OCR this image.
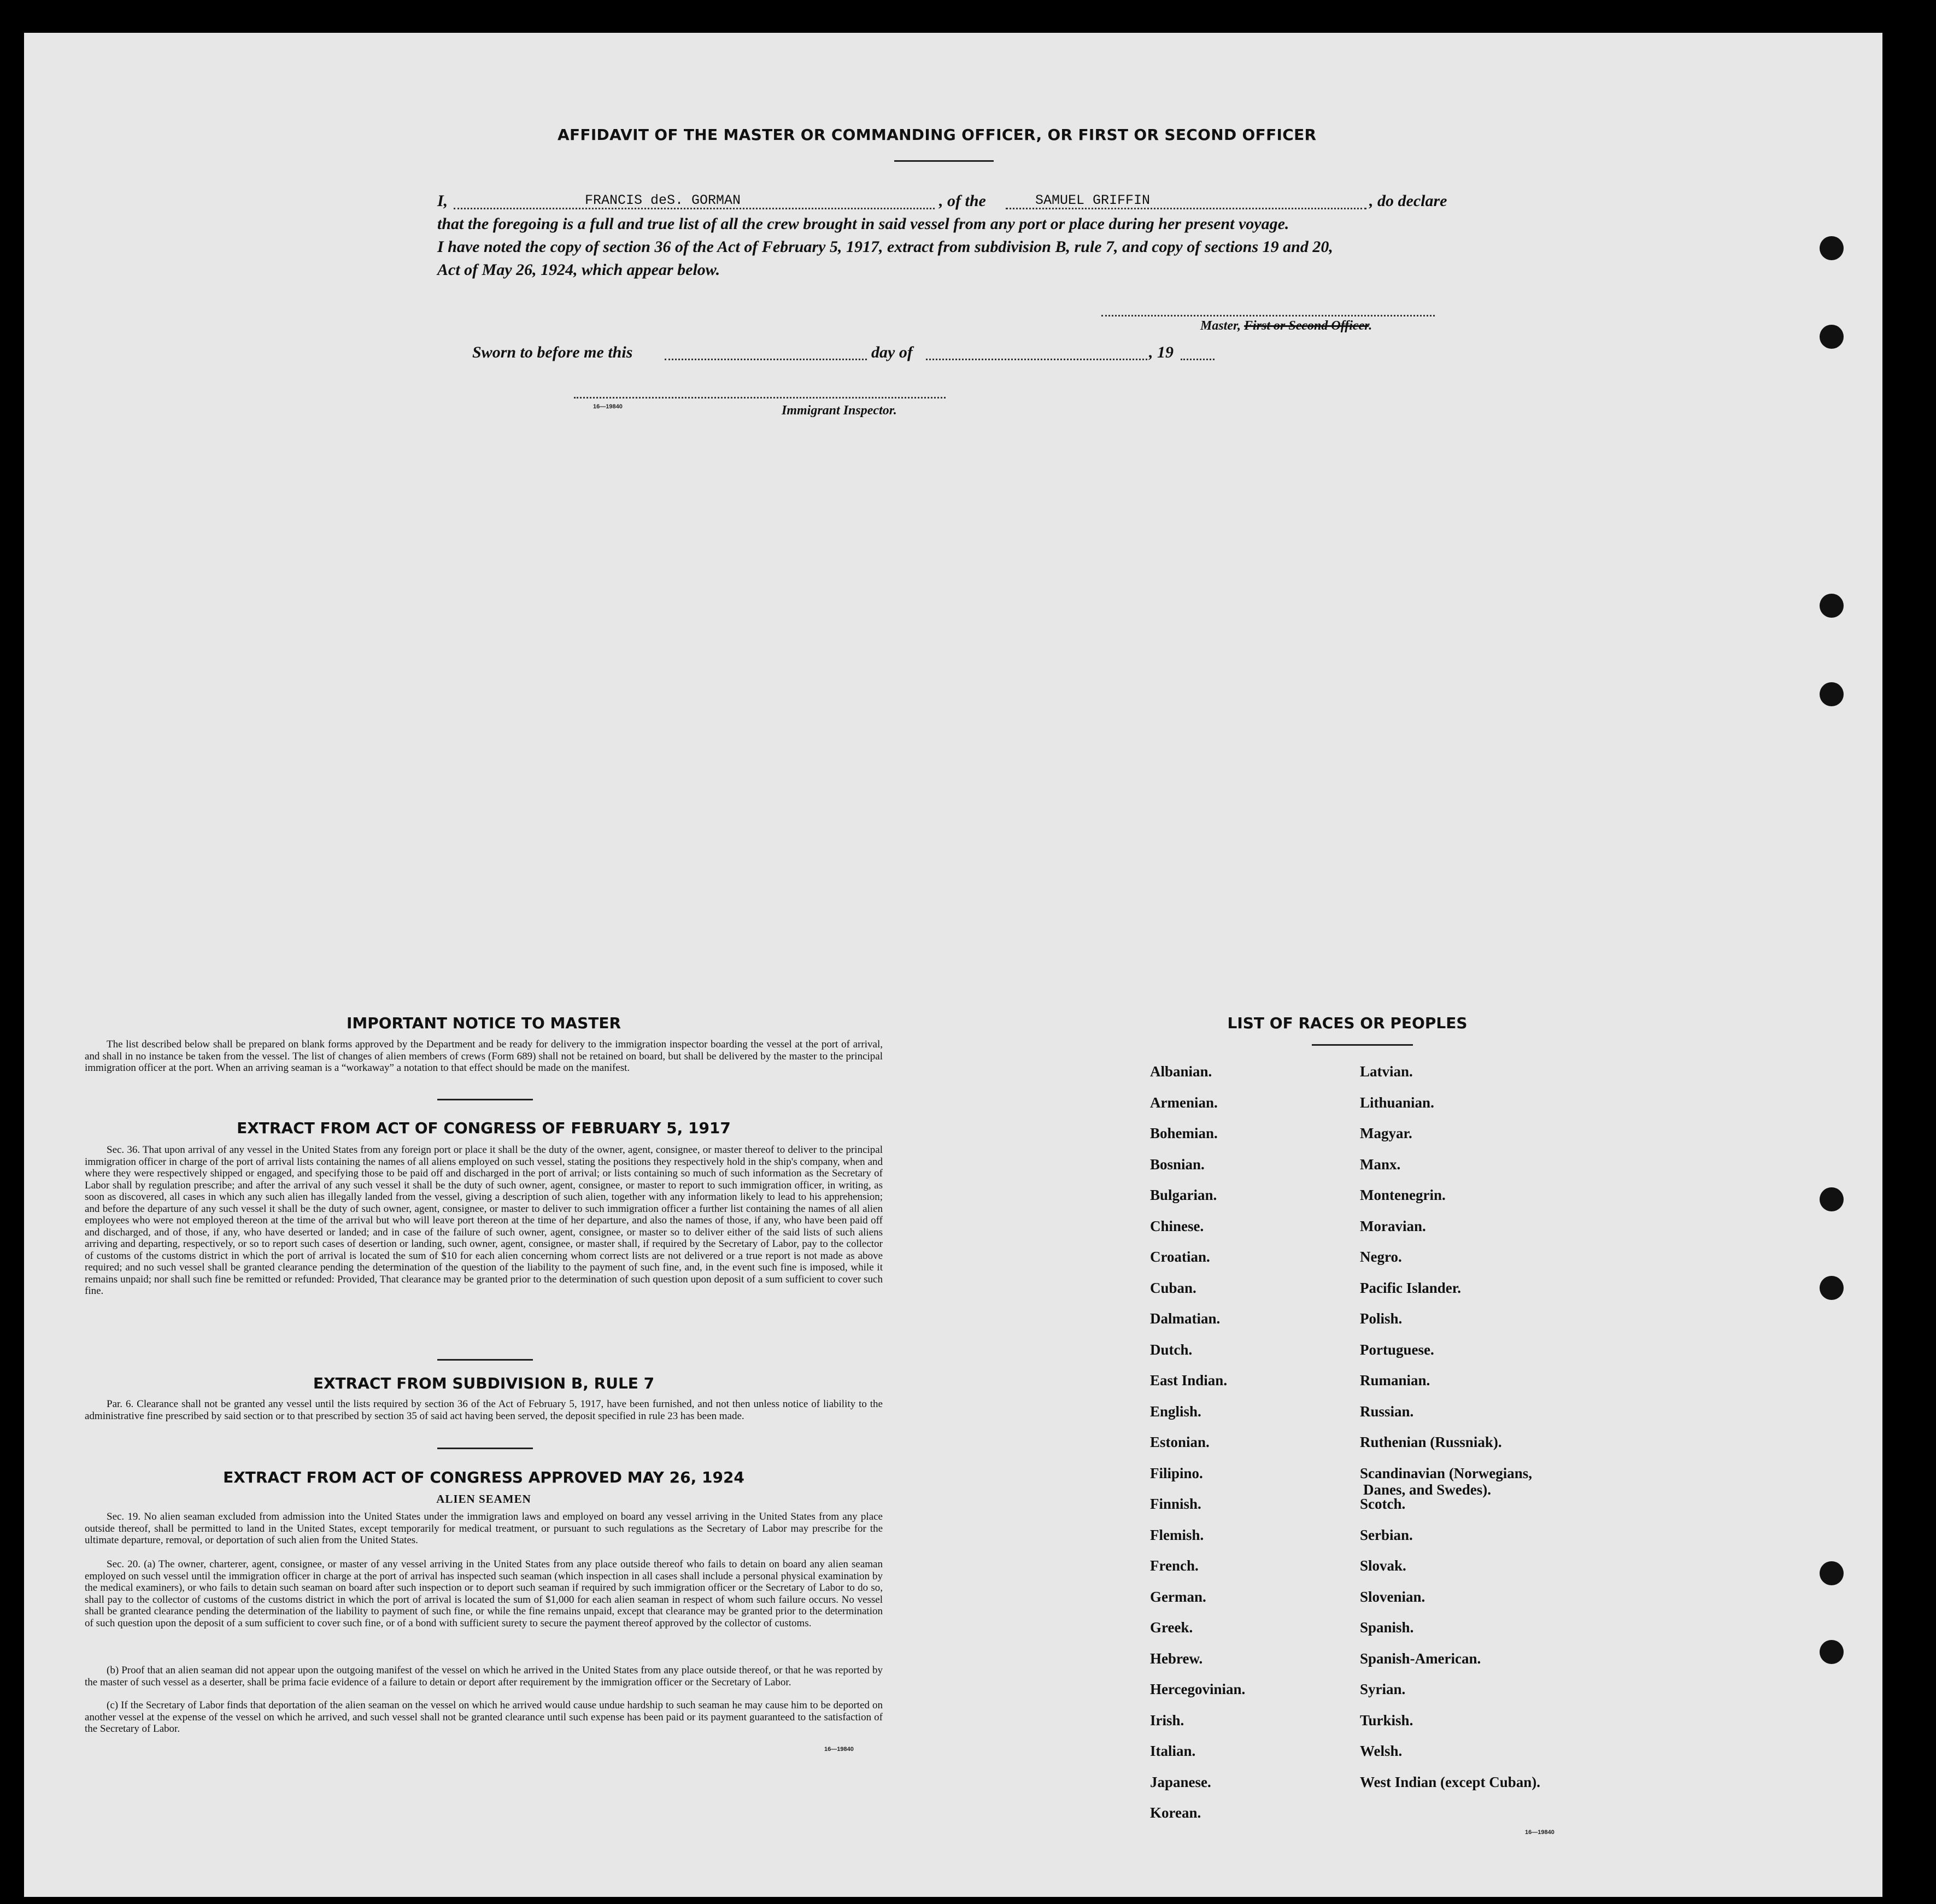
AFFIDAVIT OF THE MASTER OR COMMANDING OFFICER, OR FIRST OR SECOND OFFICER
I,	FRANCIS deS. GORMAN	, of the	SAMUEL GRIFFIN	, do declare
that the foregoing is a full and true list of all the crew brought in said vessel from any port or place during her present voyage.
I have noted the copy of section 36 of the Act of February 5, 1917, extract from subdivision B, rule 7, and copy of sections 19 and 20,
Act of May 26, 1924, which appear below.
Master, First or Second Officer.
Sworn to before me this	day of	, 19
16—19840	Immigrant Inspector.
IMPORTANT NOTICE TO MASTER
The list described below shall be prepared on blank forms approved by the Department and be ready for delivery to the immigration inspector boarding the vessel at the port of arrival, and shall in no instance be taken from the vessel. The list of changes of alien members of crews (Form 689) shall not be retained on board, but shall be delivered by the master to the principal immigration officer at the port. When an arriving seaman is a “workaway” a notation to that effect should be made on the manifest.
EXTRACT FROM ACT OF CONGRESS OF FEBRUARY 5, 1917
Sec. 36. That upon arrival of any vessel in the United States from any foreign port or place it shall be the duty of the owner, agent, consignee, or master thereof to deliver to the principal immigration officer in charge of the port of arrival lists containing the names of all aliens employed on such vessel, stating the positions they respectively hold in the ship's company, when and where they were respectively shipped or engaged, and specifying those to be paid off and discharged in the port of arrival; or lists containing so much of such information as the Secretary of Labor shall by regulation prescribe; and after the arrival of any such vessel it shall be the duty of such owner, agent, consignee, or master to report to such immigration officer, in writing, as soon as discovered, all cases in which any such alien has illegally landed from the vessel, giving a description of such alien, together with any information likely to lead to his apprehension; and before the departure of any such vessel it shall be the duty of such owner, agent, consignee, or master to deliver to such immigration officer a further list containing the names of all alien employees who were not employed thereon at the time of the arrival but who will leave port thereon at the time of her departure, and also the names of those, if any, who have been paid off and discharged, and of those, if any, who have deserted or landed; and in case of the failure of such owner, agent, consignee, or master so to deliver either of the said lists of such aliens arriving and departing, respectively, or so to report such cases of desertion or landing, such owner, agent, consignee, or master shall, if required by the Secretary of Labor, pay to the collector of customs of the customs district in which the port of arrival is located the sum of $10 for each alien concerning whom correct lists are not delivered or a true report is not made as above required; and no such vessel shall be granted clearance pending the determination of the question of the liability to the payment of such fine, and, in the event such fine is imposed, while it remains unpaid; nor shall such fine be remitted or refunded: Provided, That clearance may be granted prior to the determination of such question upon deposit of a sum sufficient to cover such fine.
EXTRACT FROM SUBDIVISION B, RULE 7
Par. 6. Clearance shall not be granted any vessel until the lists required by section 36 of the Act of February 5, 1917, have been furnished, and not then unless notice of liability to the administrative fine prescribed by said section or to that prescribed by section 35 of said act having been served, the deposit specified in rule 23 has been made.
EXTRACT FROM ACT OF CONGRESS APPROVED MAY 26, 1924
ALIEN SEAMEN
Sec. 19. No alien seaman excluded from admission into the United States under the immigration laws and employed on board any vessel arriving in the United States from any place outside thereof, shall be permitted to land in the United States, except temporarily for medical treatment, or pursuant to such regulations as the Secretary of Labor may prescribe for the ultimate departure, removal, or deportation of such alien from the United States.
Sec. 20. (a) The owner, charterer, agent, consignee, or master of any vessel arriving in the United States from any place outside thereof who fails to detain on board any alien seaman employed on such vessel until the immigration officer in charge at the port of arrival has inspected such seaman (which inspection in all cases shall include a personal physical examination by the medical examiners), or who fails to detain such seaman on board after such inspection or to deport such seaman if required by such immigration officer or the Secretary of Labor to do so, shall pay to the collector of customs of the customs district in which the port of arrival is located the sum of $1,000 for each alien seaman in respect of whom such failure occurs. No vessel shall be granted clearance pending the determination of the liability to payment of such fine, or while the fine remains unpaid, except that clearance may be granted prior to the determination of such question upon the deposit of a sum sufficient to cover such fine, or of a bond with sufficient surety to secure the payment thereof approved by the collector of customs.
(b) Proof that an alien seaman did not appear upon the outgoing manifest of the vessel on which he arrived in the United States from any place outside thereof, or that he was reported by the master of such vessel as a deserter, shall be prima facie evidence of a failure to detain or deport after requirement by the immigration officer or the Secretary of Labor.
(c) If the Secretary of Labor finds that deportation of the alien seaman on the vessel on which he arrived would cause undue hardship to such seaman he may cause him to be deported on another vessel at the expense of the vessel on which he arrived, and such vessel shall not be granted clearance until such expense has been paid or its payment guaranteed to the satisfaction of the Secretary of Labor.
16—19840
LIST OF RACES OR PEOPLES
Albanian.
Armenian.
Bohemian.
Bosnian.
Bulgarian.
Chinese.
Croatian.
Cuban.
Dalmatian.
Dutch.
East Indian.
English.
Estonian.
Filipino.
Finnish.
Flemish.
French.
German.
Greek.
Hebrew.
Hercegovinian.
Irish.
Italian.
Japanese.
Korean.
Latvian.
Lithuanian.
Magyar.
Manx.
Montenegrin.
Moravian.
Negro.
Pacific Islander.
Polish.
Portuguese.
Rumanian.
Russian.
Ruthenian (Russniak).
Scandinavian (Norwegians,
Danes, and Swedes).
Scotch.
Serbian.
Slovak.
Slovenian.
Spanish.
Spanish-American.
Syrian.
Turkish.
Welsh.
West Indian (except Cuban).
16—19840
